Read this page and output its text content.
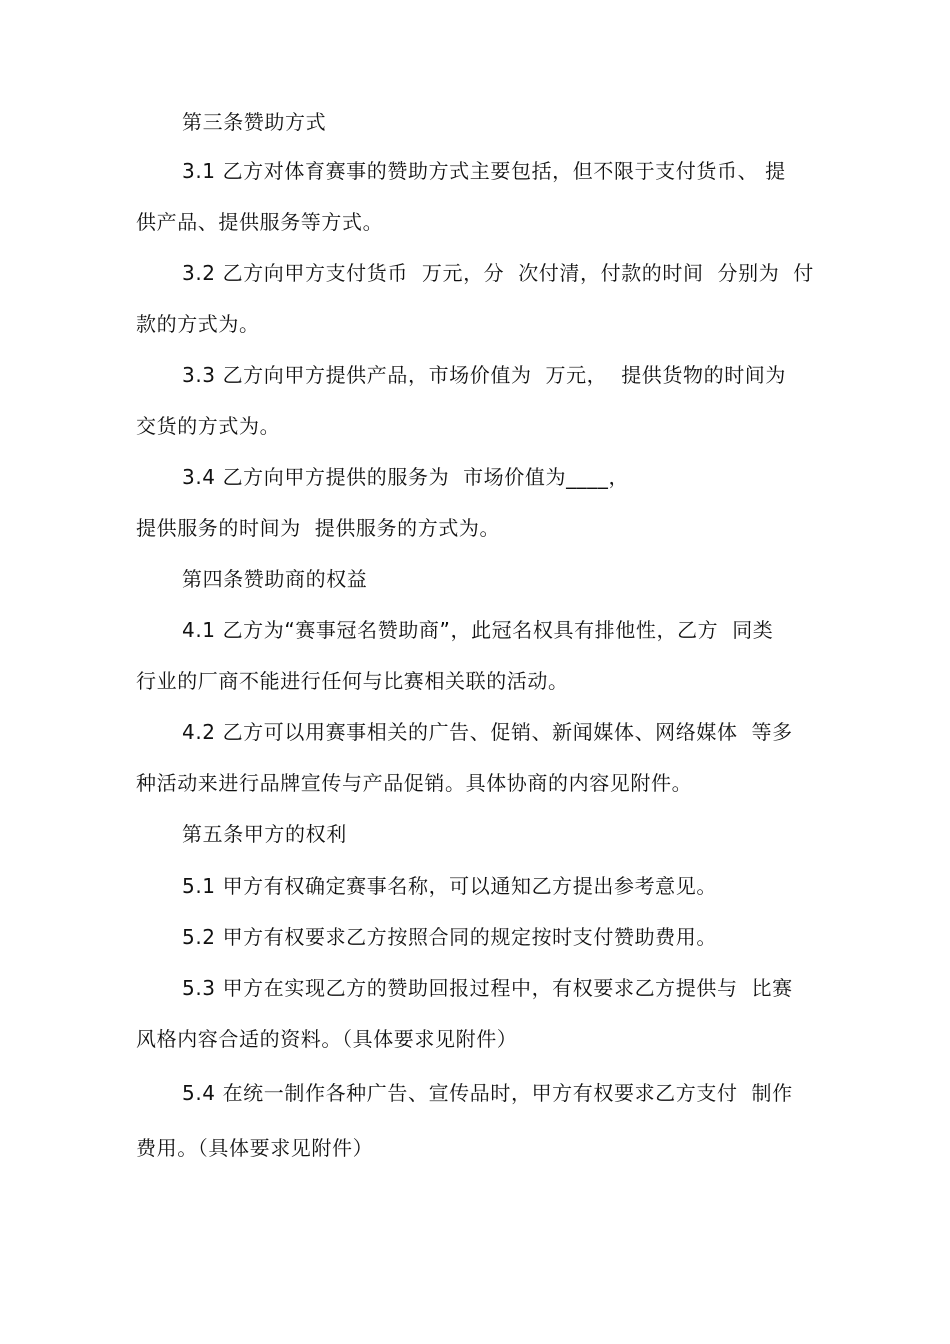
第三条赞助方式
3.1 乙方对体育赛事的赞助方式主要包括，但不限于支付货币、 提
供产品、提供服务等方式。
3.2 乙方向甲方支付货币  万元，分  次付清，付款的时间  分别为  付
款的方式为。
3.3 乙方向甲方提供产品，市场价值为  万元，  提供货物的时间为
交货的方式为。
3.4 乙方向甲方提供的服务为  市场价值为____，
提供服务的时间为  提供服务的方式为。
第四条赞助商的权益
4.1 乙方为“赛事冠名赞助商”，此冠名权具有排他性，乙方  同类
行业的厂商不能进行任何与比赛相关联的活动。
4.2 乙方可以用赛事相关的广告、促销、新闻媒体、网络媒体  等多
种活动来进行品牌宣传与产品促销。具体协商的内容见附件。
第五条甲方的权利
5.1 甲方有权确定赛事名称，可以通知乙方提出参考意见。
5.2 甲方有权要求乙方按照合同的规定按时支付赞助费用。
5.3 甲方在实现乙方的赞助回报过程中，有权要求乙方提供与  比赛
风格内容合适的资料。（具体要求见附件）
5.4 在统一制作各种广告、宣传品时，甲方有权要求乙方支付  制作
费用。（具体要求见附件）
